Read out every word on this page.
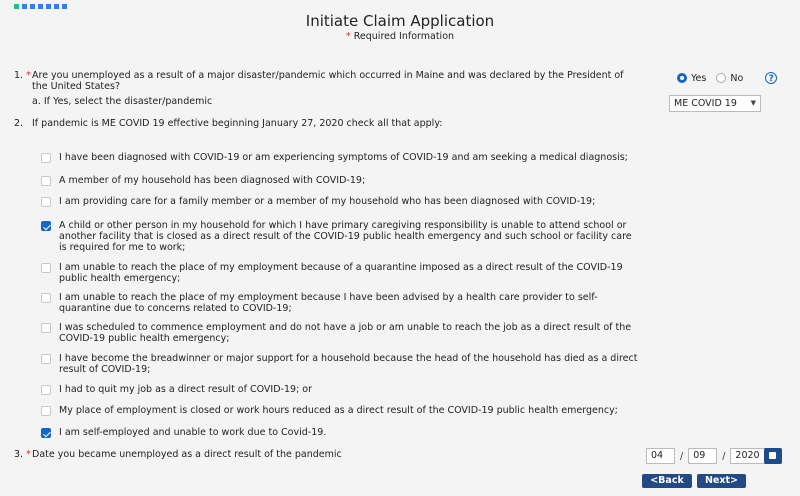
Initiate Claim Application
* Required Information
1. * Are you unemployed as a result of a major disaster/pandemic which occurred in Maine and was declared by the President of the United States?
a. If Yes, select the disaster/pandemic
Yes	No	?
ME COVID 19 ▼
2. If pandemic is ME COVID 19 effective beginning January 27, 2020 check all that apply:
I have been diagnosed with COVID-19 or am experiencing symptoms of COVID-19 and am seeking a medical diagnosis;
A member of my household has been diagnosed with COVID-19;
I am providing care for a family member or a member of my household who has been diagnosed with COVID-19;
A child or other person in my household for which I have primary caregiving responsibility is unable to attend school or another facility that is closed as a direct result of the COVID-19 public health emergency and such school or facility care is required for me to work;
I am unable to reach the place of my employment because of a quarantine imposed as a direct result of the COVID-19 public health emergency;
I am unable to reach the place of my employment because I have been advised by a health care provider to self-quarantine due to concerns related to COVID-19;
I was scheduled to commence employment and do not have a job or am unable to reach the job as a direct result of the COVID-19 public health emergency;
I have become the breadwinner or major support for a household because the head of the household has died as a direct result of COVID-19;
I had to quit my job as a direct result of COVID-19; or
My place of employment is closed or work hours reduced as a direct result of the COVID-19 public health emergency;
I am self-employed and unable to work due to Covid-19.
3. * Date you became unemployed as a direct result of the pandemic	04	/	09	/	2020
<Back	Next>
